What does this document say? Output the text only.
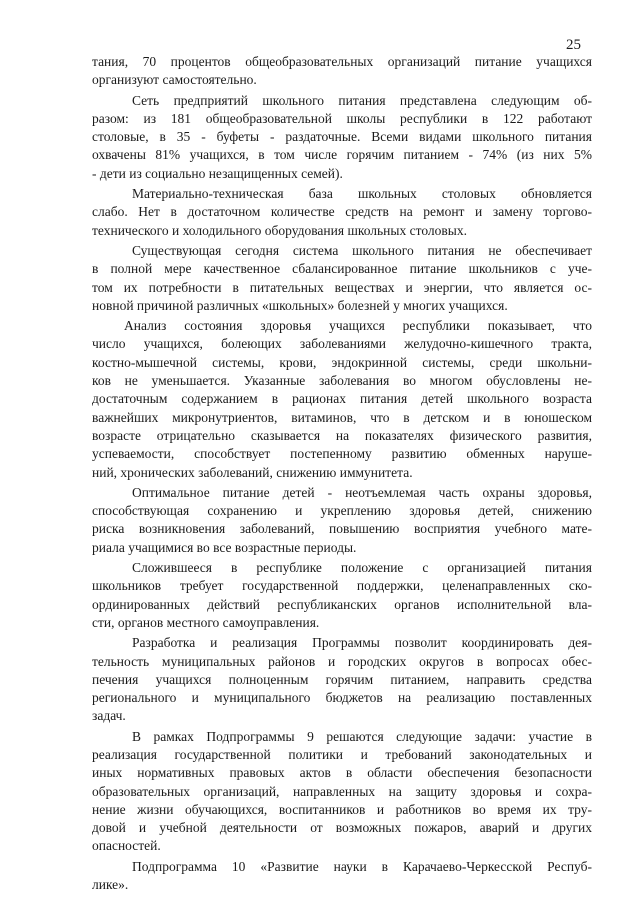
25

тания, 70 процентов общеобразовательных организаций питание учащихся
организуют самостоятельно.

Сеть предприятий школьного питания представлена следующим об-
разом: из 181 общеобразовательной школы республики в 122 работают
столовые, в 35 - буфеты - раздаточные. Всеми видами школьного питания
охвачены 81% учащихся, в том числе горячим питанием - 74% (из них 5%
- дети из социально незащищенных семей).

Материально-техническая база школьных столовых обновляется
слабо. Нет в достаточном количестве средств на ремонт и замену торгово-
технического и холодильного оборудования школьных столовых.

Существующая сегодня система школьного питания не обеспечивает
в полной мере качественное сбалансированное питание школьников с уче-
том их потребности в питательных веществах и энергии, что является ос-
новной причиной различных «школьных» болезней у многих учащихся.

Анализ состояния здоровья учащихся республики показывает, что
число учащихся, болеющих заболеваниями желудочно-кишечного тракта,
костно-мышечной системы, крови, эндокринной системы, среди школьни-
ков не уменьшается. Указанные заболевания во многом обусловлены не-
достаточным содержанием в рационах питания детей школьного возраста
важнейших микронутриентов, витаминов, что в детском и в юношеском
возрасте отрицательно сказывается на показателях физического развития,
успеваемости, способствует постепенному развитию обменных наруше-
ний, хронических заболеваний, снижению иммунитета.

Оптимальное питание детей - неотъемлемая часть охраны здоровья,
способствующая сохранению и укреплению здоровья детей, снижению
риска возникновения заболеваний, повышению восприятия учебного мате-
риала учащимися во все возрастные периоды.

Сложившееся в республике положение с организацией питания
школьников требует государственной поддержки, целенаправленных ско-
ординированных действий республиканских органов исполнительной вла-
сти, органов местного самоуправления.

Разработка и реализация Программы позволит координировать дея-
тельность муниципальных районов и городских округов в вопросах обес-
печения учащихся полноценным горячим питанием, направить средства
регионального и муниципального бюджетов на реализацию поставленных
задач.

В рамках Подпрограммы 9 решаются следующие задачи: участие в
реализация государственной политики и требований законодательных и
иных нормативных правовых актов в области обеспечения безопасности
образовательных организаций, направленных на защиту здоровья и сохра-
нение жизни обучающихся, воспитанников и работников во время их тру-
довой и учебной деятельности от возможных пожаров, аварий и других
опасностей.

Подпрограмма 10 «Развитие науки в Карачаево-Черкесской Респуб-
лике».
